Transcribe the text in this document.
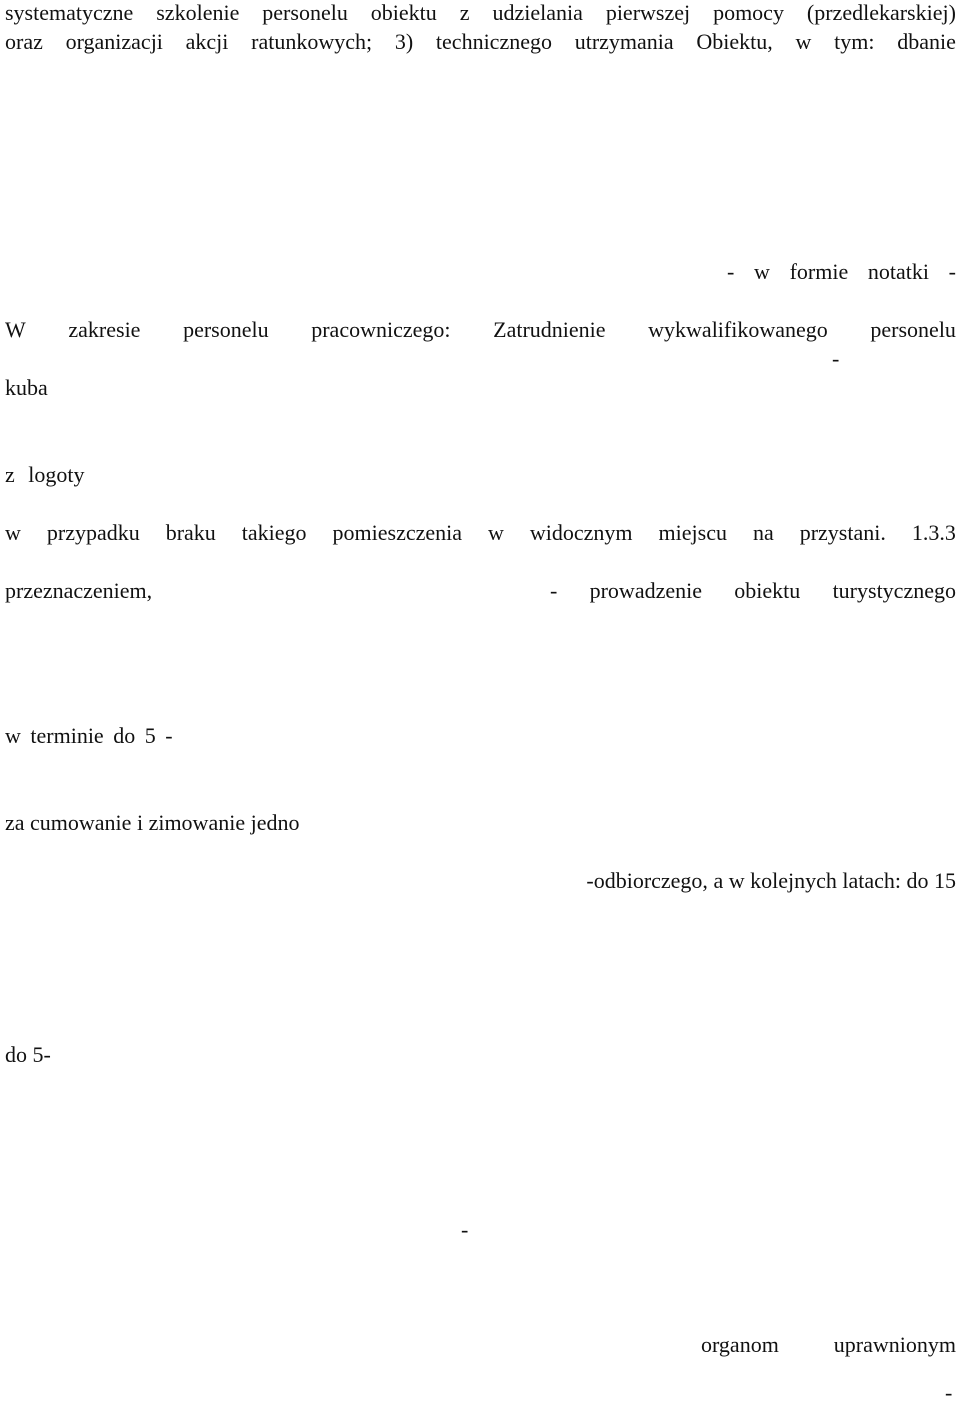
systematyczne szkolenie personelu obiektu z udzielania pierwszej pomocy (przedlekarskiej)
oraz organizacji akcji ratunkowych; 3) technicznego utrzymania Obiektu, w tym: dbanie
- w formie notatki -
W zakresie personelu pracowniczego: Zatrudnienie wykwalifikowanego personelu
-
kuba
z logoty
w przypadku braku takiego pomieszczenia w widocznym miejscu na przystani. 1.3.3
przeznaczeniem,	- prowadzenie obiektu turystycznego
w terminie do 5 -
za cumowanie i zimowanie jedno
-odbiorczego, a w kolejnych latach: do 15
do 5-
-
organom uprawnionym
-
